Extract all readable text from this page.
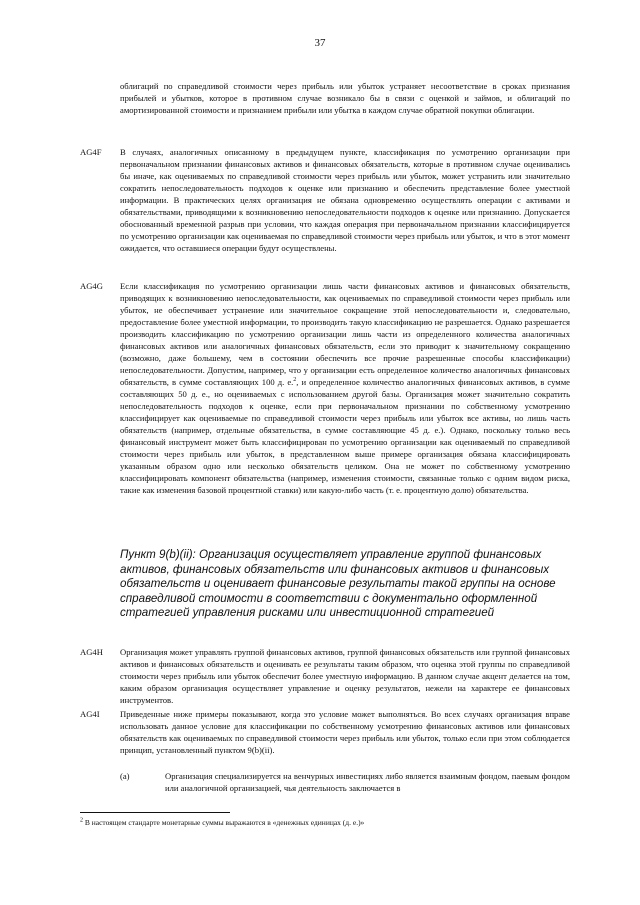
37
облигаций по справедливой стоимости через прибыль или убыток устраняет несоответствие в сроках признания прибылей и убытков, которое в противном случае возникало бы в связи с оценкой и займов, и облигаций по амортизированной стоимости и признанием прибыли или убытка в каждом случае обратной покупки облигации.
AG4F В случаях, аналогичных описанному в предыдущем пункте, классификация по усмотрению организации при первоначальном признании финансовых активов и финансовых обязательств, которые в противном случае оценивались бы иначе, как оцениваемых по справедливой стоимости через прибыль или убыток, может устранить или значительно сократить непоследовательность подходов к оценке или признанию и обеспечить представление более уместной информации. В практических целях организация не обязана одновременно осуществлять операции с активами и обязательствами, приводящими к возникновению непоследовательности подходов к оценке или признанию. Допускается обоснованный временной разрыв при условии, что каждая операция при первоначальном признании классифицируется по усмотрению организации как оцениваемая по справедливой стоимости через прибыль или убыток, и что в этот момент ожидается, что оставшиеся операции будут осуществлены.
AG4G Если классификация по усмотрению организации лишь части финансовых активов и финансовых обязательств, приводящих к возникновению непоследовательности, как оцениваемых по справедливой стоимости через прибыль или убыток, не обеспечивает устранение или значительное сокращение этой непоследовательности и, следовательно, предоставление более уместной информации, то производить такую классификацию не разрешается. Однако разрешается производить классификацию по усмотрению организации лишь части из определенного количества аналогичных финансовых активов или аналогичных финансовых обязательств, если это приводит к значительному сокращению (возможно, даже большему, чем в состоянии обеспечить все прочие разрешенные способы классификации) непоследовательности. Допустим, например, что у организации есть определенное количество аналогичных финансовых обязательств, в сумме составляющих 100 д. е.$^2$, и определенное количество аналогичных финансовых активов, в сумме составляющих 50 д. е., но оцениваемых с использованием другой базы. Организация может значительно сократить непоследовательность подходов к оценке, если при первоначальном признании по собственному усмотрению классифицирует как оцениваемые по справедливой стоимости через прибыль или убыток все активы, но лишь часть обязательств (например, отдельные обязательства, в сумме составляющие 45 д. е.). Однако, поскольку только весь финансовый инструмент может быть классифицирован по усмотрению организации как оцениваемый по справедливой стоимости через прибыль или убыток, в представленном выше примере организация обязана классифицировать указанным образом одно или несколько обязательств целиком. Она не может по собственному усмотрению классифицировать компонент обязательства (например, изменения стоимости, связанные только с одним видом риска, такие как изменения базовой процентной ставки) или какую-либо часть (т. е. процентную долю) обязательства.
Пункт 9(b)(ii): Организация осуществляет управление группой финансовых активов, финансовых обязательств или финансовых активов и финансовых обязательств и оценивает финансовые результаты такой группы на основе справедливой стоимости в соответствии с документально оформленной стратегией управления рисками или инвестиционной стратегией
AG4H Организация может управлять группой финансовых активов, группой финансовых обязательств или группой финансовых активов и финансовых обязательств и оценивать ее результаты таким образом, что оценка этой группы по справедливой стоимости через прибыль или убыток обеспечит более уместную информацию. В данном случае акцент делается на том, каким образом организация осуществляет управление и оценку результатов, нежели на характере ее финансовых инструментов.
AG4I Приведенные ниже примеры показывают, когда это условие может выполняться. Во всех случаях организация вправе использовать данное условие для классификации по собственному усмотрению финансовых активов или финансовых обязательств как оцениваемых по справедливой стоимости через прибыль или убыток, только если при этом соблюдается принцип, установленный пунктом 9(b)(ii).
(a)	Организация специализируется на венчурных инвестициях либо является взаимным фондом, паевым фондом или аналогичной организацией, чья деятельность заключается в
$^2$ В настоящем стандарте монетарные суммы выражаются в «денежных единицах (д. е.)»
